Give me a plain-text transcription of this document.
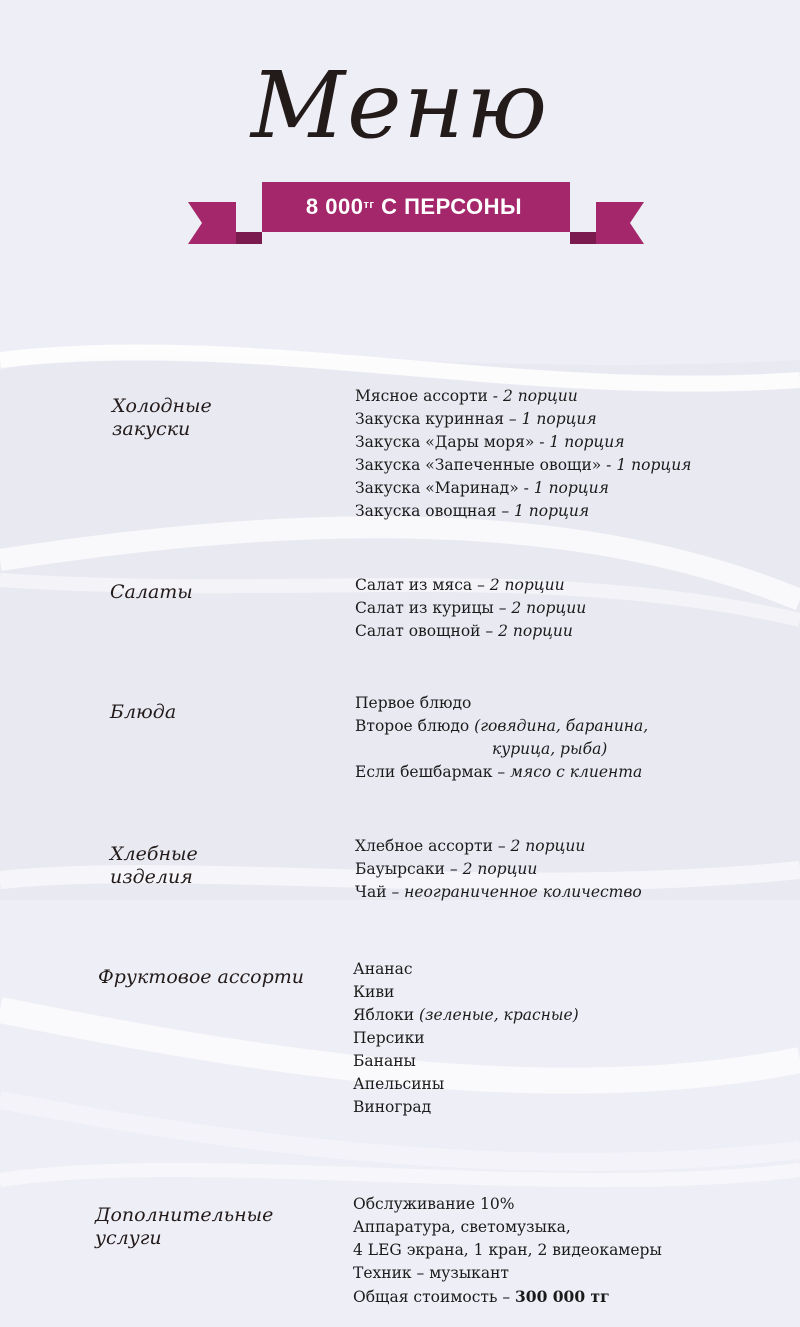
Меню
8 $000^{тг}$
С ПЕРСОНЫ
Холодные
закуски
Мясное ассорти - 2 порции
Закуска куринная – 1 порция
Закуска «Дары моря» - 1 порция
Закуска «Запеченные овощи» - 1 порция
Закуска «Маринад» - 1 порция
Закуска овощная – 1 порция
Салаты	Салат из мяса – 2 порции
Салат из курицы – 2 порции
Салат овощной – 2 порции
Блюда	Первое блюдо
Второе блюдо (говядина, баранина,
курица, рыба)
Если бешбармак – мясо с клиента
Хлебные
изделия
Хлебное ассорти – 2 порции
Бауырсаки – 2 порции
Чай – неограниченное количество
Фруктовое ассорти	Ананас
Киви
Яблоки (зеленые, красные)
Персики
Бананы
Апельсины
Виноград
Дополнительные
услуги
Обслуживание 10%
Аппаратура, светомузыка,
4 LEG экрана, 1 кран, 2 видеокамеры
Техник – музыкант
Общая стоимость – 300 000 тг
